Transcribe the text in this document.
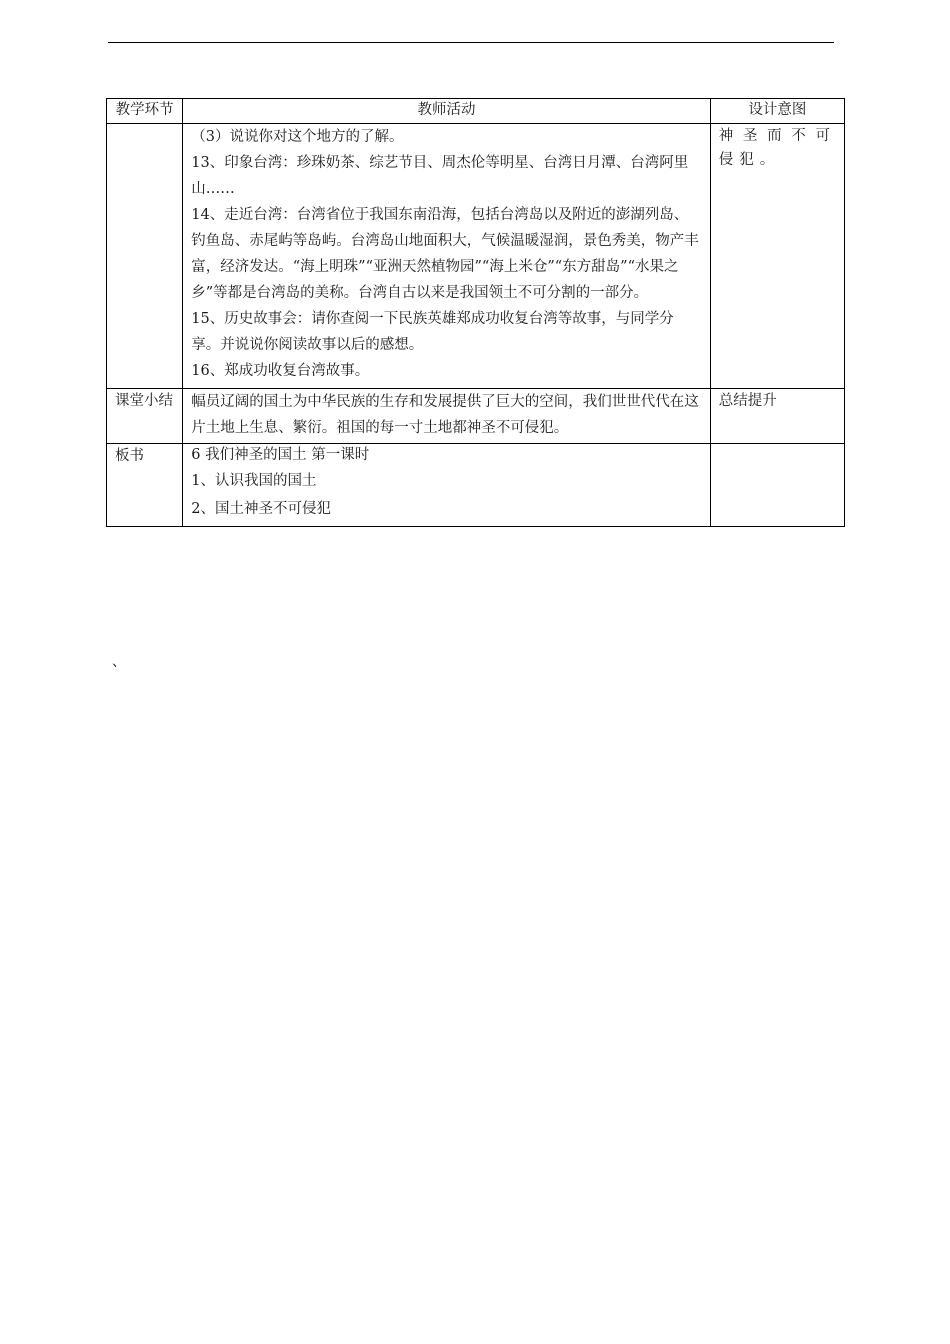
教学环节	教师活动	设计意图

	（3）说说你对这个地方的了解。

13、印象台湾：珍珠奶茶、综艺节目、周杰伦等明星、台湾日月潭、台湾阿里山……

14、走近台湾：台湾省位于我国东南沿海，包括台湾岛以及附近的澎湖列岛、钓鱼岛、赤尾屿等岛屿。台湾岛山地面积大，气候温暖湿润，景色秀美，物产丰富，经济发达。“海上明珠”“亚洲天然植物园”“海上米仓”“东方甜岛”“水果之乡”等都是台湾岛的美称。台湾自古以来是我国领土不可分割的一部分。

15、历史故事会：请你查阅一下民族英雄郑成功收复台湾等故事，与同学分享。并说说你阅读故事以后的感想。

16、郑成功收复台湾故事。	神圣而不可侵犯。

课堂小结	幅员辽阔的国土为中华民族的生存和发展提供了巨大的空间，我们世世代代在这片土地上生息、繁衍。祖国的每一寸土地都神圣不可侵犯。	总结提升
板书	6 我们神圣的国土 第一课时

1、认识我国的国土

2、国土神圣不可侵犯	

、
